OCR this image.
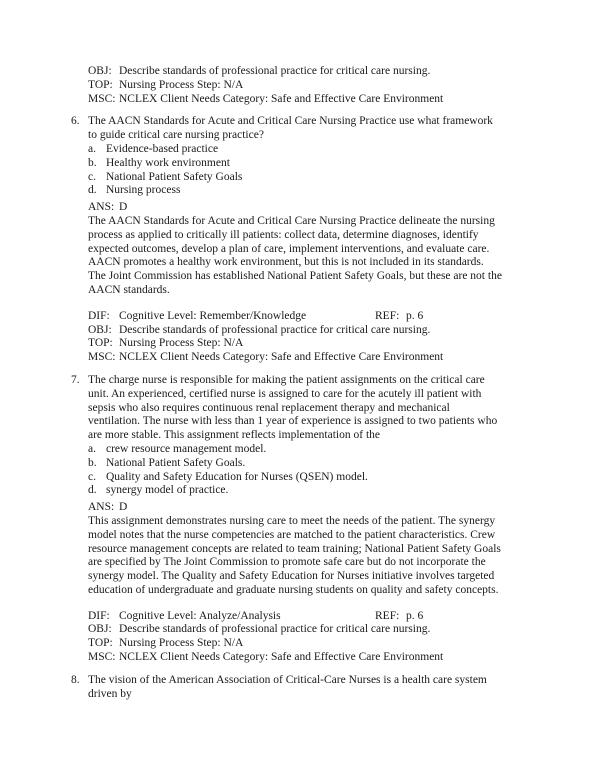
OBJ: Describe standards of professional practice for critical care nursing.
TOP: Nursing Process Step: N/A
MSC: NCLEX Client Needs Category: Safe and Effective Care Environment
6. The AACN Standards for Acute and Critical Care Nursing Practice use what framework
to guide critical care nursing practice?
a. Evidence-based practice
b. Healthy work environment
c. National Patient Safety Goals
d. Nursing process
ANS: D
The AACN Standards for Acute and Critical Care Nursing Practice delineate the nursing
process as applied to critically ill patients: collect data, determine diagnoses, identify
expected outcomes, develop a plan of care, implement interventions, and evaluate care.
AACN promotes a healthy work environment, but this is not included in its standards.
The Joint Commission has established National Patient Safety Goals, but these are not the
AACN standards.
DIF: Cognitive Level: Remember/Knowledge	REF: p. 6
OBJ: Describe standards of professional practice for critical care nursing.
TOP: Nursing Process Step: N/A
MSC: NCLEX Client Needs Category: Safe and Effective Care Environment
7. The charge nurse is responsible for making the patient assignments on the critical care
unit. An experienced, certified nurse is assigned to care for the acutely ill patient with
sepsis who also requires continuous renal replacement therapy and mechanical
ventilation. The nurse with less than 1 year of experience is assigned to two patients who
are more stable. This assignment reflects implementation of the
a. crew resource management model.
b. National Patient Safety Goals.
c. Quality and Safety Education for Nurses (QSEN) model.
d. synergy model of practice.
ANS: D
This assignment demonstrates nursing care to meet the needs of the patient. The synergy
model notes that the nurse competencies are matched to the patient characteristics. Crew
resource management concepts are related to team training; National Patient Safety Goals
are specified by The Joint Commission to promote safe care but do not incorporate the
synergy model. The Quality and Safety Education for Nurses initiative involves targeted
education of undergraduate and graduate nursing students on quality and safety concepts.
DIF: Cognitive Level: Analyze/Analysis	REF: p. 6
OBJ: Describe standards of professional practice for critical care nursing.
TOP: Nursing Process Step: N/A
MSC: NCLEX Client Needs Category: Safe and Effective Care Environment
8. The vision of the American Association of Critical-Care Nurses is a health care system
driven by
